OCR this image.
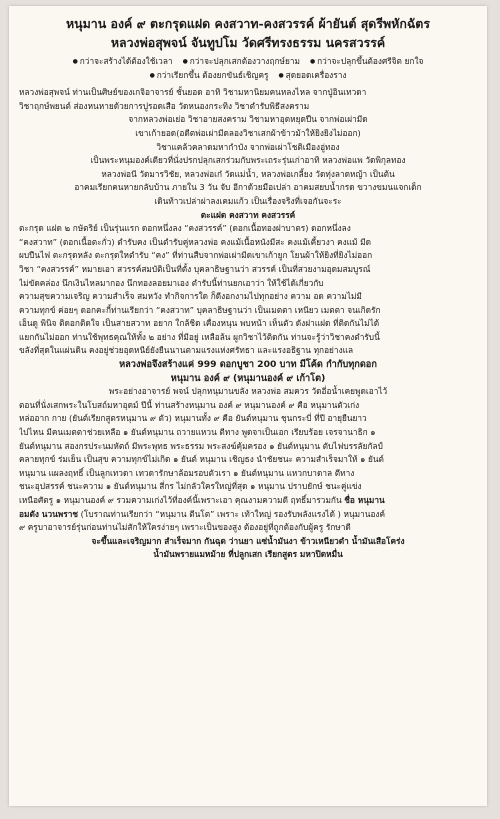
หนุมาน องค์ ๙ ตะกรุดแฝด คงสวาท-คงสวรรค์ ผ้ายันต์ สุดรีพหักฉัตร
หลวงพ่อสุพจน์ จันทูปโม วัดศรีทรงธรรม นครสวรรค์
● กว่าจะสร้างได้ต้องใช้เวลา	● กว่าจะปลุกเสกต้องวางฤกษ์ยาม	● กว่าจะปลุกขึ้นต้องศรีจิต ยกใจ
● กว่าเรียกขึ้น ต้องยกขันธ์เชิญครู	● สุดยอดเครื่องราง
หลวงพ่อสุพจน์ ท่านเป็นศิษย์ของเกจิอาจารย์ ชั้นยอด อาทิ วิชามหานิยมคนหลงไหล จากปู่อินเทวดา
วิชาฤกษ์พยนต์ ส่องหนหายด้วยการปูรอดเสือ วัดหนองกระทิง วิชาตำรับพิธีสงคราม
จากหลวงพ่อเย่อ วิชาอายสงคราม วิชามหาอุดหยุดปืน จากพ่อเผ่ามีด
เขาเก้ายอด(อดีตพ่อเผ่ามีดลองวิชาเสกผ้าข้าวม้าให้ยิงยิงไม่ออก)
วิชาแคล้วคลาดมหากำบัง จากพ่อเผ่าโชติเมืองอู่ทอง
เป็นพระหนุมองค์เดียวที่นั่งปรกปลุกเสกร่วมกับพระเถระรุ่นเก่าอาทิ หลวงพ่อแพ วัดพิกุลทอง
หลวงพ่อนี วัดมารวิชัย, หลวงพ่อเก๋ วัดแม่น้ำ, หลวงพ่อเกลี้ยง วัดทุ่งลาดหญ้า เป็นต้น
อาคมเรียกคนหายกลับบ้าน ภายใน 3 วัน จับ อีกาด้วยมือเปล่า อาคมสยบน้ำกรด ขวางขมนแจกเด็ก
เดินท้าวเปล่าผ่าลงเคมแก้ว เป็นเรื่องจริงที่เจอกันจะระ
ตะแฝด คงสวาท คงสวรรค์
ตะกรุด แฝด ๒ กษัตริย์ เป็นรุ่นแรก ดอกหนึ่งลง “คงสวรรค์” (ดอกเนื้อทองฝาบาตร) ดอกหนึ่งลง
“คงสวาท” (ดอกเนื้อตะกั่ว) ตำรับคง เป็นตำรับคู่หลวงพ่อ คงแม้เนื้อหนังมีสะ คงแม้เคี้ยวงา คงแม้ มีด
ผบปืนไฟ ตะกรุดหลัง ตะกรุดใหตำรับ “คง” ที่ท่านสืบจากพ่อเผ่ามีดเขาเก้ายูก โยนผ้าให้ยิงที่ยิงไม่ออก
วิชา “คงสวรรค์” หมายเอา สวรรค์สมบัติเป็นที่ตั้ง บุคลาธิษฐานว่า สวรรค์ เป็นที่สวยงามอุดมสมบูรณ์
ไม่ขัดคล่อง นึกเงินไหลมากอง นึกทองลอยมาเอง ตำรับนี้ท่านยกเอาว่า ให้ใช้ได้เกี่ยวกับ
ความสุขความเจริญ ความสำเร็จ สมหวัง ทำกิจการใด ก็ดีงอกงามไปทุกอย่าง ความ อด ความไม่มี
ความทุกข์ ค่อยๆ ดอกคะกี้ท่านเรียกว่า “คงสวาท” บุคลาธิษฐานว่า เป็นเมตตา เหนียว เมตตา จนเกิดรัก
เอ็นดู พินิจ ติดอกติดใจ เป็นสายสวาท อยาก ใกล้ชิด เคื่องหนุน พบหน้า เห็นตัว ดังฝาแฝด ที่ติดกันไม่ได้
แยกกันไม่ออก ท่านใช้พุทธคุณให้ทั้ง ๒ อย่าง ที่มีอยู่ เหลือล้น ผูกวิชาไว้ติดกัน ท่านจะรู้ว่าวิชาคงตำรับนี้
ขลังที่สุดในแผ่นดิน คงอยู่ช่วยอุดหนีย์ยังยืนนานตามแรงแห่งศรัทธา และแรงอธิฐาน ทุกอย่างแล
หลวงพ่อจึงสร้างแค่ 999 ดอกบูชา 200 บาท มีโค้ด กำกับทุกดอก
หนุมาน องค์ ๙ (หนุมานองค์ ๙ เก้าโต)
พระอย่างอาจารย์ พจน์ ปลุกหนุมานขลัง หลวงพ่อ สมควร วัดอี่อน้ำเคยพูดเอาไว้
ตอนที่นั่งเสกพระในโบสถ์มหาอุดม์ ปีนี้ ท่านสร้างหนุมาน องค์ ๙ หนุมานองค์ ๙ คือ หนุมานตัวเก่ง
หล่ออาก กาย (ยันต์เรียกสูตรหนุมาน ๙ ตัว) หนุมานทั้ง ๙ คือ ยันต์หนุมาน ชุนกระบี่ ที่ปี อายุยืนยาว
ไปไหน มีคนเมตตาช่วยเหลือ ๑ ยันต์หนุมาน ถวายแหวน ตีทาง พูดจาเป็นเอก เรียบร้อย เจรจานาธิก ๑
ยันต์หนุมาน สองกรประนมหัตถ์ มีพระพุทธ พระธรรม พระสงฆ์คุ้มครอง ๑ ยันต์หนุมาน ตับไฟบรรลัยกัลป์
คลายทุกข์ ร่มเย็น เป็นสุข ความทุกข์ไม่เกิด ๑ ยันต์ หนุมาน เชิญธง นำชัยชนะ ความสำเร็จมาให้ ๑ ยันต์
หนุมาน แผลงฤทธิ์ เป็นลูกเทวดา เทวดารักษาล้อมรอบตัวเรา ๑ ยันต์หนุมาน แหวกบาดาล ตีทาง
ชนะอุปสรรค์ ชนะความ ๑ ยันต์หนุมาน สี่กร ไม่กลัวใครใหญ่ที่สุด ๑ หนุมาน ปราบยักษ์ ชนะคู่แข่ง
เหนือศัตรู ๑ หนุมานองค์ ๙ รวมความเก่งไว้ที่องค์นี้เพราะเอา คุณงามความดี ฤทธิ์มารวมกัน ชื่อ หนุมาน
อมตัง นวนพราช (โบราณท่านเรียกว่า “หนุมาน ตีนโต” เพราะ เท้าใหญ่ รองรับพลังแรงได้ ) หนุมานองค์
๙ ครูบาอาจารย์รุ่นก่อนท่านไม่สักให้ใครง่ายๆ เพราะเป็นของสูง ต้องอยู่ที่ถูกต้องกับผู้ครู รักษาดี
จะขึ้นและเจริญมาก สำเร็จมาก กันฉุด ว่านยา แซ่น้ำมันงา ข้าวเหนียวดำ น้ำมันเสือโคร่ง
น้ำมันพรายแมหม้าย ที่ปลูกเสก เรียกสูตร มหาปิดหมื่น
